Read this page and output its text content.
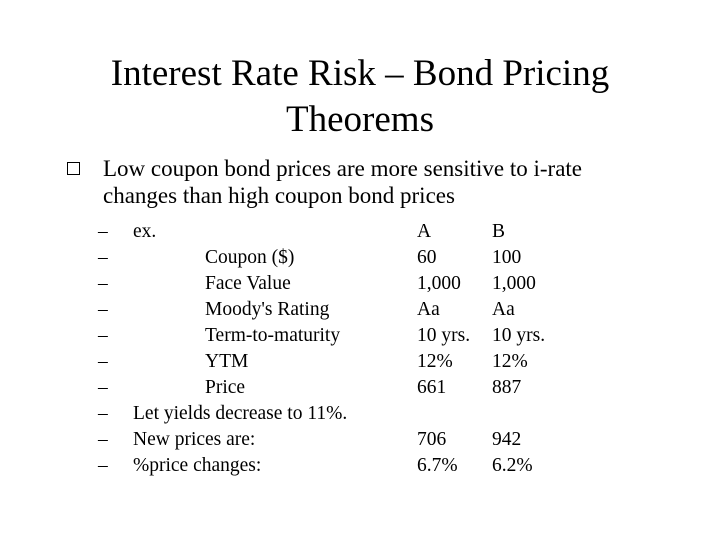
Interest Rate Risk – Bond Pricing
Theorems
Low coupon bond prices are more sensitive to i-rate
changes than high coupon bond prices
– ex.	A	B
–	Coupon ($)	60	100
–	Face Value	1,000 1,000
–	Moody's Rating	Aa	Aa
–	Term-to-maturity	10 yrs. 10 yrs.
–	YTM	12% 12%
–	Price	661 887
– Let yields decrease to 11%.
– New prices are:	706 942
– %price changes:	6.7% 6.2%
